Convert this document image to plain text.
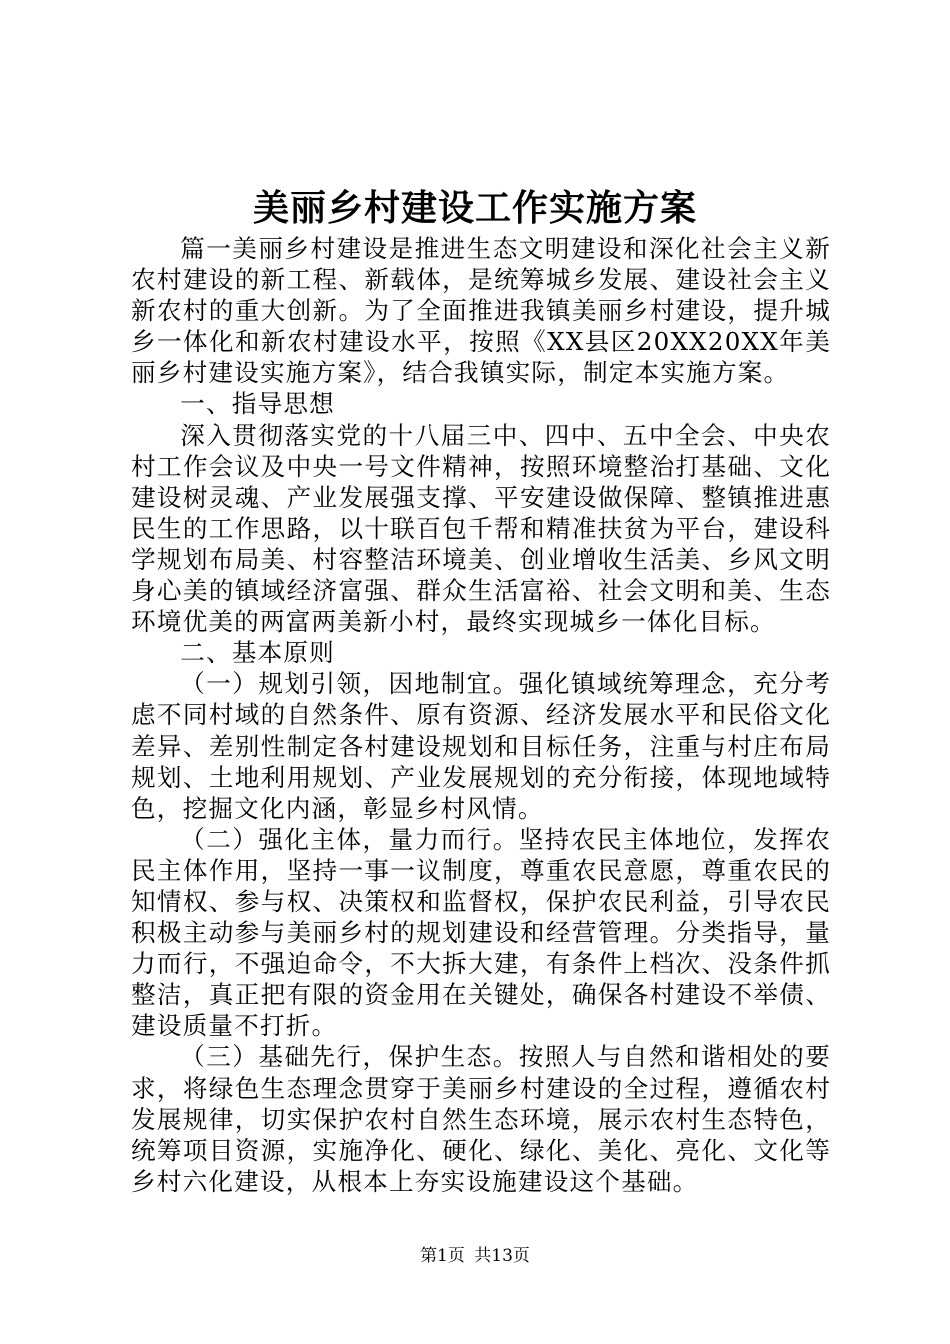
美丽乡村建设工作实施方案

篇一美丽乡村建设是推进生态文明建设和深化社会主义新农村建设的新工程、新载体，是统筹城乡发展、建设社会主义新农村的重大创新。为了全面推进我镇美丽乡村建设，提升城乡一体化和新农村建设水平，按照《XX县区20XX20XX年美丽乡村建设实施方案》，结合我镇实际，制定本实施方案。

一、指导思想

深入贯彻落实党的十八届三中、四中、五中全会、中央农村工作会议及中央一号文件精神，按照环境整治打基础、文化建设树灵魂、产业发展强支撑、平安建设做保障、整镇推进惠民生的工作思路，以十联百包千帮和精准扶贫为平台，建设科学规划布局美、村容整洁环境美、创业增收生活美、乡风文明身心美的镇域经济富强、群众生活富裕、社会文明和美、生态环境优美的两富两美新小村，最终实现城乡一体化目标。

二、基本原则

（一）规划引领，因地制宜。强化镇域统筹理念，充分考虑不同村域的自然条件、原有资源、经济发展水平和民俗文化差异、差别性制定各村建设规划和目标任务，注重与村庄布局规划、土地利用规划、产业发展规划的充分衔接，体现地域特色，挖掘文化内涵，彰显乡村风情。

（二）强化主体，量力而行。坚持农民主体地位，发挥农民主体作用，坚持一事一议制度，尊重农民意愿，尊重农民的知情权、参与权、决策权和监督权，保护农民利益，引导农民积极主动参与美丽乡村的规划建设和经营管理。分类指导，量力而行，不强迫命令，不大拆大建，有条件上档次、没条件抓整洁，真正把有限的资金用在关键处，确保各村建设不举债、建设质量不打折。

（三）基础先行，保护生态。按照人与自然和谐相处的要求，将绿色生态理念贯穿于美丽乡村建设的全过程，遵循农村发展规律，切实保护农村自然生态环境，展示农村生态特色，统筹项目资源，实施净化、硬化、绿化、美化、亮化、文化等乡村六化建设，从根本上夯实设施建设这个基础。

第1页 共13页
